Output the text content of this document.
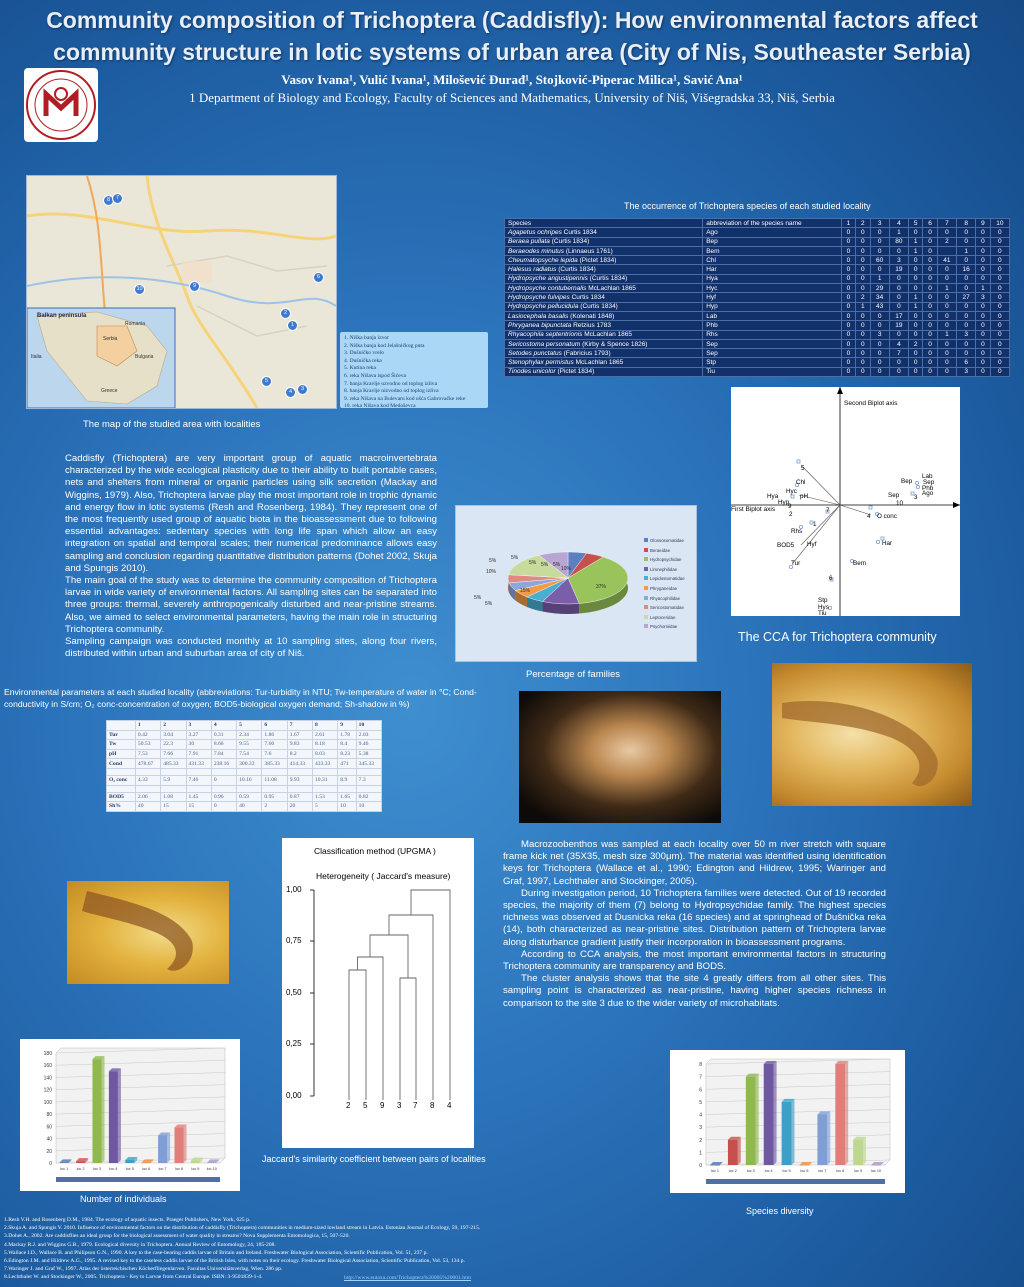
Community composition of Trichoptera (Caddisfly): How environmental factors affect
community structure in lotic systems of urban area (City of Nis, Southeaster Serbia)
Vasov Ivana¹, Vulić Ivana¹, Milošević Đurađ¹, Stojković-Piperac Milica¹, Savić Ana¹
1 Department of Biology and Ecology, Faculty of Sciences and Mathematics, University of Niš, Višegradska 33, Niš, Serbia
Balkan peninsula
Romania
Serbia
Bulgaria
Italia
Greece
8	7
10	9
6
2
1
3
5
4
1. Niška banja izvor
2. Niška banja kod Jelašničkog puta
3. Dušničko vrelo
4. Dušnička reka
5. Kutina reka
6. reka Nišava ispod Šićeva
7. banja Kravlje uzvodno od toplog izliva
8. banja Kravlje nizvodno od toplog izliva
9. reka Nišava na Bulevaru kod ušća Gabrovačke reke
10. reka Nišava kod Medoševca
The map of the studied area with localities
The occurrence of Trichoptera species of each studied locality
Species	abbreviation of the species name	1	2	3	4	5	6	7	8	9	10
Agapetus ochripes Curtis 1834	Ago	0	0	0	1	0	0	0	0	0	0
Beraea pullata (Curtis 1834)	Bep	0	0	0	80	1	0	2	0	0	0
Beraeodes minutus (Linnaeus 1761)	Bem	0	0	0	0	1	0		1	0	0
Cheumatopsyche lepida (Pictet 1834)	Chl	0	0	60	3	0	0	41	0	0	0
Halesus radiatus (Curtis 1834)	Har	0	0	0	19	0	0	0	16	0	0
Hydropsyche angustipennis (Curtis 1834)	Hya	0	0	1	0	0	0	0	0	0	0
Hydropsyche contubernalis McLachlan 1865	Hyc	0	0	29	0	0	0	1	0	1	0
Hydropsyche fulvipes Curtis 1834	Hyf	0	2	34	0	1	0	0	27	3	0
Hydropsyche pellucidula (Curtis 1834)	Hyp	0	1	43	0	1	0	0	0	0	0
Lasiocephala basalis (Kolenati 1848)	Lab	0	0	0	17	0	0	0	0	0	0
Phryganea bipunctata Retzius 1783	Phb	0	0	0	19	0	0	0	0	0	0
Rhyacophila septentrionis McLachlan 1865	Rhs	0	0	3	0	0	0	1	3	0	0
Sericostoma personatum (Kirby & Spence 1826)	Sep	0	0	0	4	2	0	0	0	0	0
Setodes punctatus (Fabricius 1793)	Sep	0	0	0	7	0	0	0	0	0	0
Stenophylax permistus McLachlan 1865	Stp	0	0	0	0	0	0	0	6	0	0
Tinodes unicolor (Pictet 1834)	Tiu	0	0	0	0	0	0	0	3	0	0
Caddisfly (Trichoptera) are very important group of aquatic macroinvertebrata characterized by the wide ecological plasticity due to their ability to built portable cases, nets and shelters from mineral or organic particles using silk secretion (Mackay and Wiggins, 1979). Also, Trichoptera larvae play the most important role in trophic dynamic and energy flow in lotic systems (Resh and Rosenberg, 1984). They represent one of the most frequently used group of aquatic biota in the bioassessment due to following essential advantages: sedentary species with long life span which allow an easy integration on spatial and temporal scales; their numerical predominance allows easy sampling and conclusion regarding quantitative distribution patterns (Dohet 2002, Skuja and Spungis 2010).
The main goal of the study was to determine the community composition of Trichoptera larvae in wide variety of environmental factors. All sampling sites can be separated into three groups: thermal, severely anthropogenically disturbed and near-pristine streams. Also, we aimed to select environmental parameters, having the main role in structuring Trichoptera community.
Sampling campaign was conducted monthly at 10 sampling sites, along four rivers, distributed within urban and suburban area of city of Niš.
Second Biplot axis
First Biplot axis
5
Chl
Hyc
Hya	pH
Hyp
7
1
Rhs
BOD5 Hyf
Tur
6
Stp
Hys
Tiu
Lab
Sep
Phb
Ago
Bep
Sep 3
4 O conc
Har
Bem
2
9	10
The CCA for Trichoptera community
5%	5%
5%
10%
5% 5%
15%
5%
5%
10%
37%
Glossosomatidae
Beraeidae
Hydropsychidae
Limnephilidae
Lepidostomatidae
Phryganeidae
Rhyacophilidae
Sericostomatidae
Leptoceridae
Psychomiidae
Percentage of families
Environmental parameters at each studied locality (abbreviations: Tur-turbidity in NTU; Tw-temperature of water in °C; Cond-conductivity in S/cm; O₂ conc-concentration of oxygen; BOD5-biological oxygen demand; Sh-shadow in %)
	1	2	3	4	5	6	7	8	9	10
Tur	0.42	3.04	3.27	0.31	2.34	1.86	1.67	2.61	1.78	2.03
Tw	50.53	22.3	30	8.66	9.55	7.66	9.83	8.18	8.4	9.46
pH	7.53	7.66	7.91	7.84	7.54	7.6	8.2	8.03	8.23	5.38
Cond	478.67	485.33	431.33	238.16	300.33	385.33	414.33	433.33	471	345.33

O₂ conc	4.33	5.9	7.46	0	10.16	11.08	9.93	10.31	8.9	7.3

BOD5	2.06	1.08	1.45	0.96	0.59	0.95	0.87	1.53	1.65	0.82
Sh%	40	15	15	0	40	2	20	5	10	10
Macrozoobenthos was sampled at each locality over 50 m river stretch with square frame kick net (35X35, mesh size 300μm). The material was identified using identification keys for Trichoptera (Wallace et al., 1990; Edington and Hildrew, 1995; Waringer and Graf, 1997, Lechthaler and Stockinger, 2005).
During investigation period, 10 Trichoptera families were detected. Out of 19 recorded species, the majority of them (7) belong to Hydropsychidae family. The highest species richness was observed at Dusnicka reka (16 species) and at springhead of Dušnička reka (14), both characterized as near-pristine sites. Distribution pattern of Trichoptera larvae along disturbance gradient justify their incorporation in bioassessment programs.
According to CCA analysis, the most important environmental factors in structuring Trichoptera community are transparency and BODS.
The cluster analysis shows that the site 4 greatly differs from all other sites. This sampling point is characterized as near-pristine, having higher species richness in comparison to the site 3 due to the wider variety of microhabitats.
Classification method (UPGMA )
Heterogeneity ( Jaccard's measure)
1,00
0,75
0,50
0,25
0,00
2 5 9 3 7 8 4
Jaccard's similarity coefficient between pairs of localities
180
160
140
120
100
80
60
40
20
0
loc 1 loc 2 loc 3 loc 4 loc 5 loc 6 loc 7 loc 8 loc 9 loc 10
Number of individuals
8
7
6
5
4
3
2
1
0
loc 1	loc 2	loc 3	loc 4	loc 5	loc 6	loc 7	loc 8	loc 9 loc 10
Species diversity
1.Resh V.H. and Rosenberg D.M., 1984. The ecology of aquatic insects. Praeger Publishers, New York, 625 p.
2.Skuja A. and Spungis V. 2010. Influence of environmental factors on the distribution of caddisfly (Trichoptera) communities in medium-sized lowland stream in Latvia. Estonian Journal of Ecology, 59, 197-215.
3.Dohet A., 2002. Are caddisflies an ideal group for the biological assessment of water quality in streams? Nova Supplementa Entomologica, 15, 507-520.
4.Mackay R.J. and Wiggins G.B., 1979. Ecological diversity in Trichoptera. Annual Review of Entomology, 24, 185-208.
5.Wallace I.D., Wallace B. and Philipson G.N., 1990. A key to the case-bearing caddis larvae of Britain and Ireland. Freshwater Biological Association, Scientific Publication, Vol. 51, 237 p.
6.Edington J.M. and Hildrew A.G., 1995. A revised key to the caseless caddis larvae of the British Isles, with notes on their ecology. Freshwater Biological Association, Scientific Publication, Vol. 53, 134 p.
7.Waringer J. and Graf W., 1997. Atlas der österreichischen Köcherfliegenlarven. Facultas Universitätsverlag, Wien. 286 pp.
8.Lechthaler W. and Stockinger W., 2005. Trichoptera - Key to Larvae from Central Europe. ISBN: 3-9501839-1-4.	http://www.eutaxa.com/Trichoptera%20005%20001.htm
